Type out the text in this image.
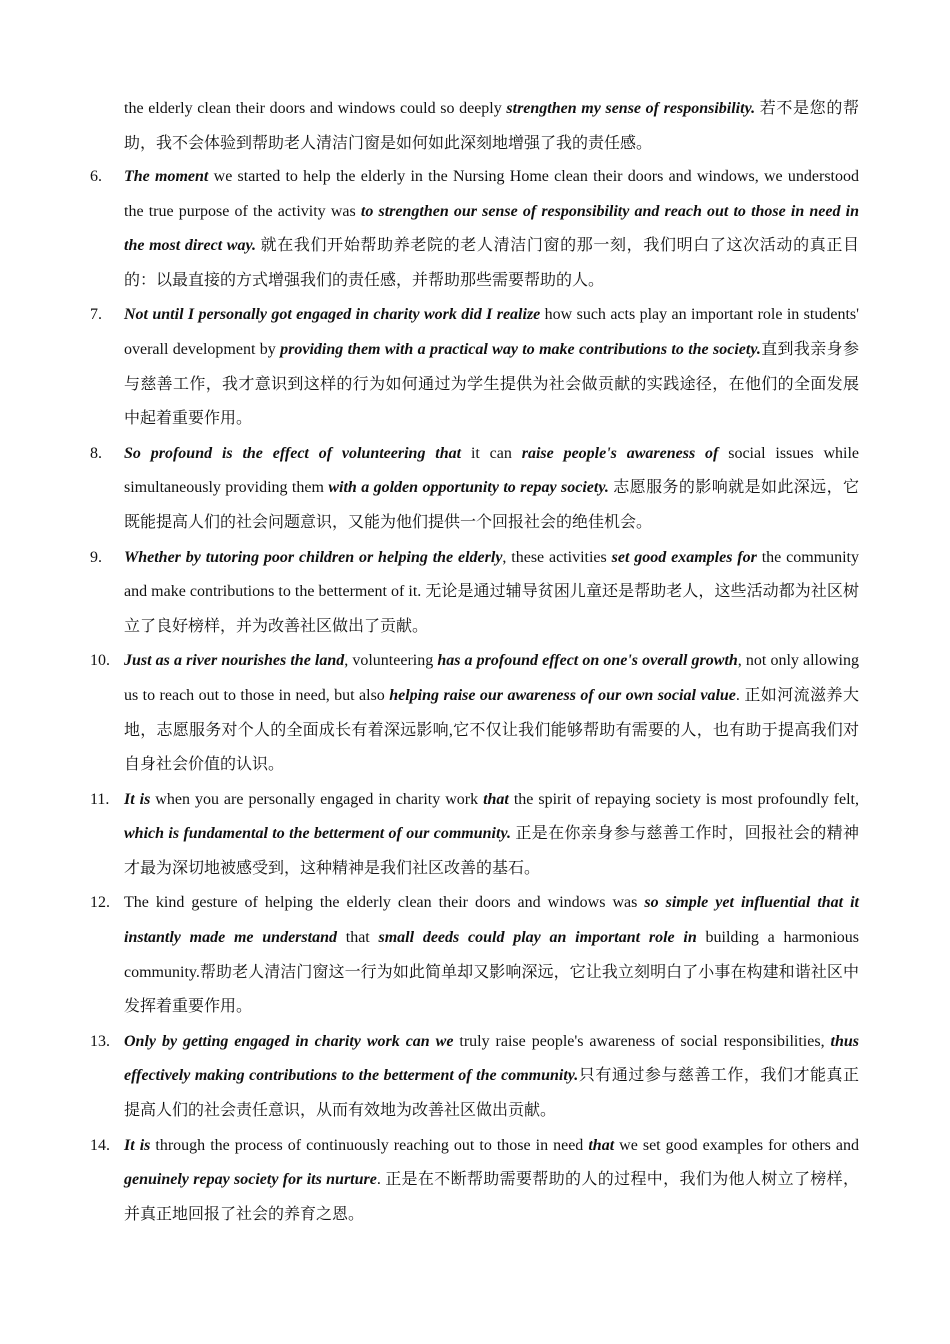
the elderly clean their doors and windows could so deeply strengthen my sense of responsibility. 若不是您的帮助，我不会体验到帮助老人清洁门窗是如何如此深刻地增强了我的责任感。

6. The moment we started to help the elderly in the Nursing Home clean their doors and windows, we understood the true purpose of the activity was to strengthen our sense of responsibility and reach out to those in need in the most direct way. 就在我们开始帮助养老院的老人清洁门窗的那一刻，我们明白了这次活动的真正目的：以最直接的方式增强我们的责任感，并帮助那些需要帮助的人。

7. Not until I personally got engaged in charity work did I realize how such acts play an important role in students' overall development by providing them with a practical way to make contributions to the society.直到我亲身参与慈善工作，我才意识到这样的行为如何通过为学生提供为社会做贡献的实践途径，在他们的全面发展中起着重要作用。

8. So profound is the effect of volunteering that it can raise people's awareness of social issues while simultaneously providing them with a golden opportunity to repay society. 志愿服务的影响就是如此深远，它既能提高人们的社会问题意识，又能为他们提供一个回报社会的绝佳机会。

9. Whether by tutoring poor children or helping the elderly, these activities set good examples for the community and make contributions to the betterment of it. 无论是通过辅导贫困儿童还是帮助老人，这些活动都为社区树立了良好榜样，并为改善社区做出了贡献。

10. Just as a river nourishes the land, volunteering has a profound effect on one's overall growth, not only allowing us to reach out to those in need, but also helping raise our awareness of our own social value. 正如河流滋养大地，志愿服务对个人的全面成长有着深远影响,它不仅让我们能够帮助有需要的人，也有助于提高我们对自身社会价值的认识。

11. It is when you are personally engaged in charity work that the spirit of repaying society is most profoundly felt, which is fundamental to the betterment of our community. 正是在你亲身参与慈善工作时，回报社会的精神才最为深切地被感受到，这种精神是我们社区改善的基石。

12. The kind gesture of helping the elderly clean their doors and windows was so simple yet influential that it instantly made me understand that small deeds could play an important role in building a harmonious community.帮助老人清洁门窗这一行为如此简单却又影响深远，它让我立刻明白了小事在构建和谐社区中发挥着重要作用。

13. Only by getting engaged in charity work can we truly raise people's awareness of social responsibilities, thus effectively making contributions to the betterment of the community.只有通过参与慈善工作，我们才能真正提高人们的社会责任意识，从而有效地为改善社区做出贡献。

14. It is through the process of continuously reaching out to those in need that we set good examples for others and genuinely repay society for its nurture. 正是在不断帮助需要帮助的人的过程中，我们为他人树立了榜样，并真正地回报了社会的养育之恩。
